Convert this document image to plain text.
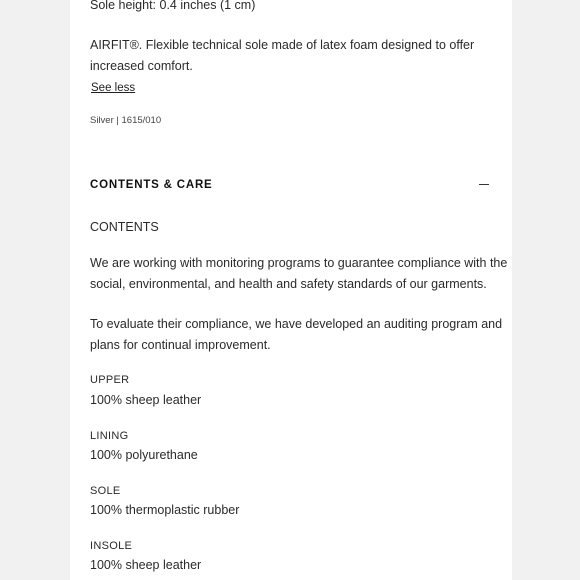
Sole height: 0.4 inches (1 cm)
AIRFIT®. Flexible technical sole made of latex foam designed to offer
increased comfort.
See less
Silver | 1615/010
CONTENTS & CARE
CONTENTS
We are working with monitoring programs to guarantee compliance with the
social, environmental, and health and safety standards of our garments.
To evaluate their compliance, we have developed an auditing program and
plans for continual improvement.
UPPER
100% sheep leather
LINING
100% polyurethane
SOLE
100% thermoplastic rubber
INSOLE
100% sheep leather
